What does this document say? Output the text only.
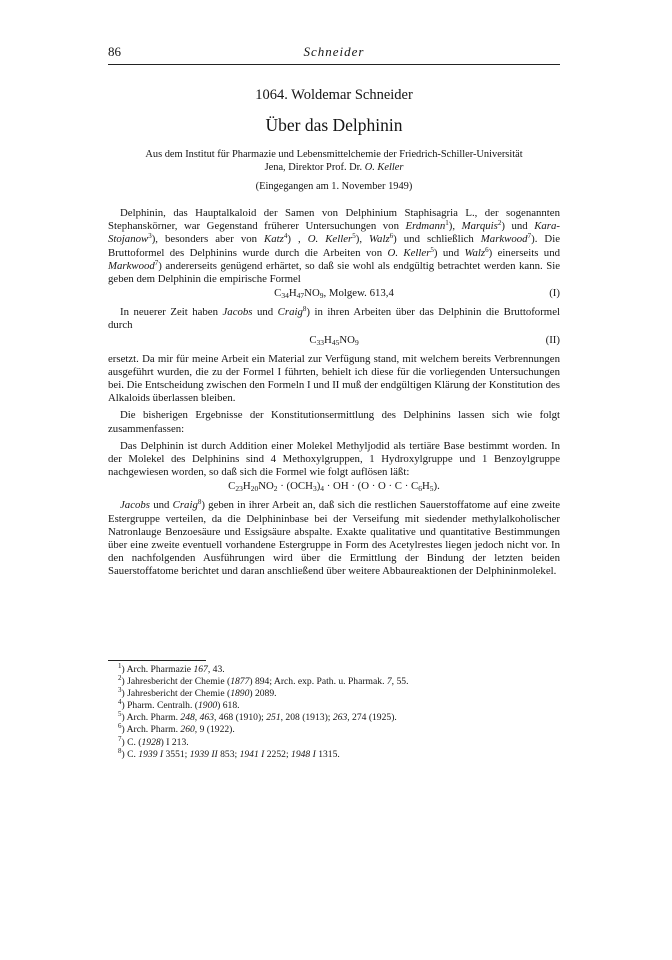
86	Schneider
1064. Woldemar Schneider
Über das Delphinin
Aus dem Institut für Pharmazie und Lebensmittelchemie der Friedrich-Schiller-Universität
Jena, Direktor Prof. Dr. O. Keller
(Eingegangen am 1. November 1949)

Delphinin, das Hauptalkaloid der Samen von Delphinium Staphisagria L., der sogenannten Stephanskörner, war Gegenstand früherer Untersuchungen von Erdmann$^1$), Marquis$^2$) und Kara-Stojanow$^3$), besonders aber von Katz$^4$) , O. Keller$^5$), Walz$^6$) und schließlich Markwood$^7$). Die Bruttoformel des Delphinins wurde durch die Arbeiten von O. Keller$^5$) und Walz$^6$) einerseits und Markwood$^7$) andererseits genügend erhärtet, so daß sie wohl als endgültig betrachtet werden kann. Sie geben dem Delphinin die empirische Formel

$C_{34}H_{47}NO_9$, Molgew. 613,4	(I)

In neuerer Zeit haben Jacobs und Craig$^8$) in ihren Arbeiten über das Delphinin die Bruttoformel durch

$C_{33}H_{45}NO_9$	(II)

ersetzt. Da mir für meine Arbeit ein Material zur Verfügung stand, mit welchem bereits Verbrennungen ausgeführt wurden, die zu der Formel I führten, behielt ich diese für die vorliegenden Untersuchungen bei. Die Entscheidung zwischen den Formeln I und II muß der endgültigen Klärung der Konstitution des Alkaloids überlassen bleiben.

Die bisherigen Ergebnisse der Konstitutionsermittlung des Delphinins lassen sich wie folgt zusammenfassen:

Das Delphinin ist durch Addition einer Molekel Methyljodid als tertiäre Base bestimmt worden. In der Molekel des Delphinins sind 4 Methoxylgruppen, 1 Hydroxylgruppe und 1 Benzoylgruppe nachgewiesen worden, so daß sich die Formel wie folgt auflösen läßt:

$C_{23}H_{20}NO_2 \cdot (OCH_3)_4$ · OH · $(O \cdot O \cdot C \cdot C_6H_5)$.

Jacobs und Craig$^8$) geben in ihrer Arbeit an, daß sich die restlichen Sauerstoffatome auf eine zweite Estergruppe verteilen, da die Delphininbase bei der Verseifung mit siedender methylalkoholischer Natronlauge Benzoesäure und Essigsäure abspalte. Exakte qualitative und quantitative Bestimmungen über eine zweite eventuell vorhandene Estergruppe in Form des Acetylrestes liegen jedoch nicht vor. In den nachfolgenden Ausführungen wird über die Ermittlung der Bindung der letzten beiden Sauerstoffatome berichtet und daran anschließend über weitere Abbaureaktionen der Delphininmolekel.

$^1$) Arch. Pharmazie 167, 43.
$^2$) Jahresbericht der Chemie (1877) 894; Arch. exp. Path. u. Pharmak. 7, 55.
$^3$) Jahresbericht der Chemie (1890) 2089.
$^4$) Pharm. Centralh. (1900) 618.
$^5$) Arch. Pharm. 248, 463, 468 (1910); 251, 208 (1913); 263, 274 (1925).
$^6$) Arch. Pharm. 260, 9 (1922).
$^7$) C. (1928) I 213.
$^8$) C. 1939 I 3551; 1939 II 853; 1941 I 2252; 1948 I 1315.
